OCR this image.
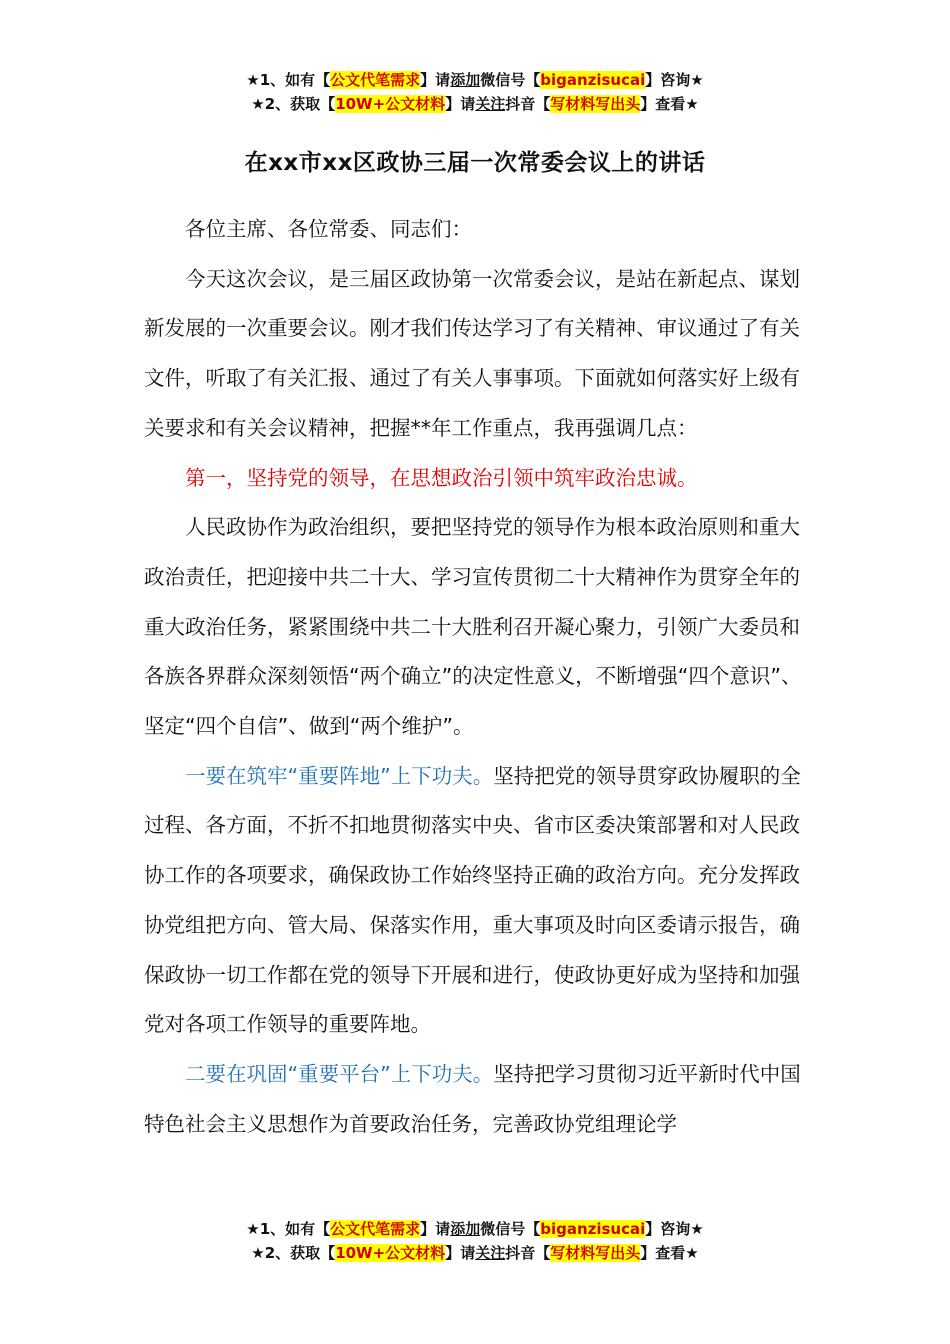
★1、如有【公文代笔需求】请添加微信号【biganzisucai】咨询★
★2、获取【10W+公文材料】请关注抖音【写材料写出头】查看★
在xx市xx区政协三届一次常委会议上的讲话

各位主席、各位常委、同志们：

今天这次会议，是三届区政协第一次常委会议，是站在新起点、谋划新发展的一次重要会议。刚才我们传达学习了有关精神、审议通过了有关文件，听取了有关汇报、通过了有关人事事项。下面就如何落实好上级有关要求和有关会议精神，把握**年工作重点，我再强调几点：

第一，坚持党的领导，在思想政治引领中筑牢政治忠诚。

人民政协作为政治组织，要把坚持党的领导作为根本政治原则和重大政治责任，把迎接中共二十大、学习宣传贯彻二十大精神作为贯穿全年的重大政治任务，紧紧围绕中共二十大胜利召开凝心聚力，引领广大委员和各族各界群众深刻领悟“两个确立”的决定性意义，不断增强“四个意识”、坚定“四个自信”、做到“两个维护”。

一要在筑牢“重要阵地”上下功夫。坚持把党的领导贯穿政协履职的全过程、各方面，不折不扣地贯彻落实中央、省市区委决策部署和对人民政协工作的各项要求，确保政协工作始终坚持正确的政治方向。充分发挥政协党组把方向、管大局、保落实作用，重大事项及时向区委请示报告，确保政协一切工作都在党的领导下开展和进行，使政协更好成为坚持和加强党对各项工作领导的重要阵地。

二要在巩固“重要平台”上下功夫。坚持把学习贯彻习近平新时代中国特色社会主义思想作为首要政治任务，完善政协党组理论学

★1、如有【公文代笔需求】请添加微信号【biganzisucai】咨询★
★2、获取【10W+公文材料】请关注抖音【写材料写出头】查看★
